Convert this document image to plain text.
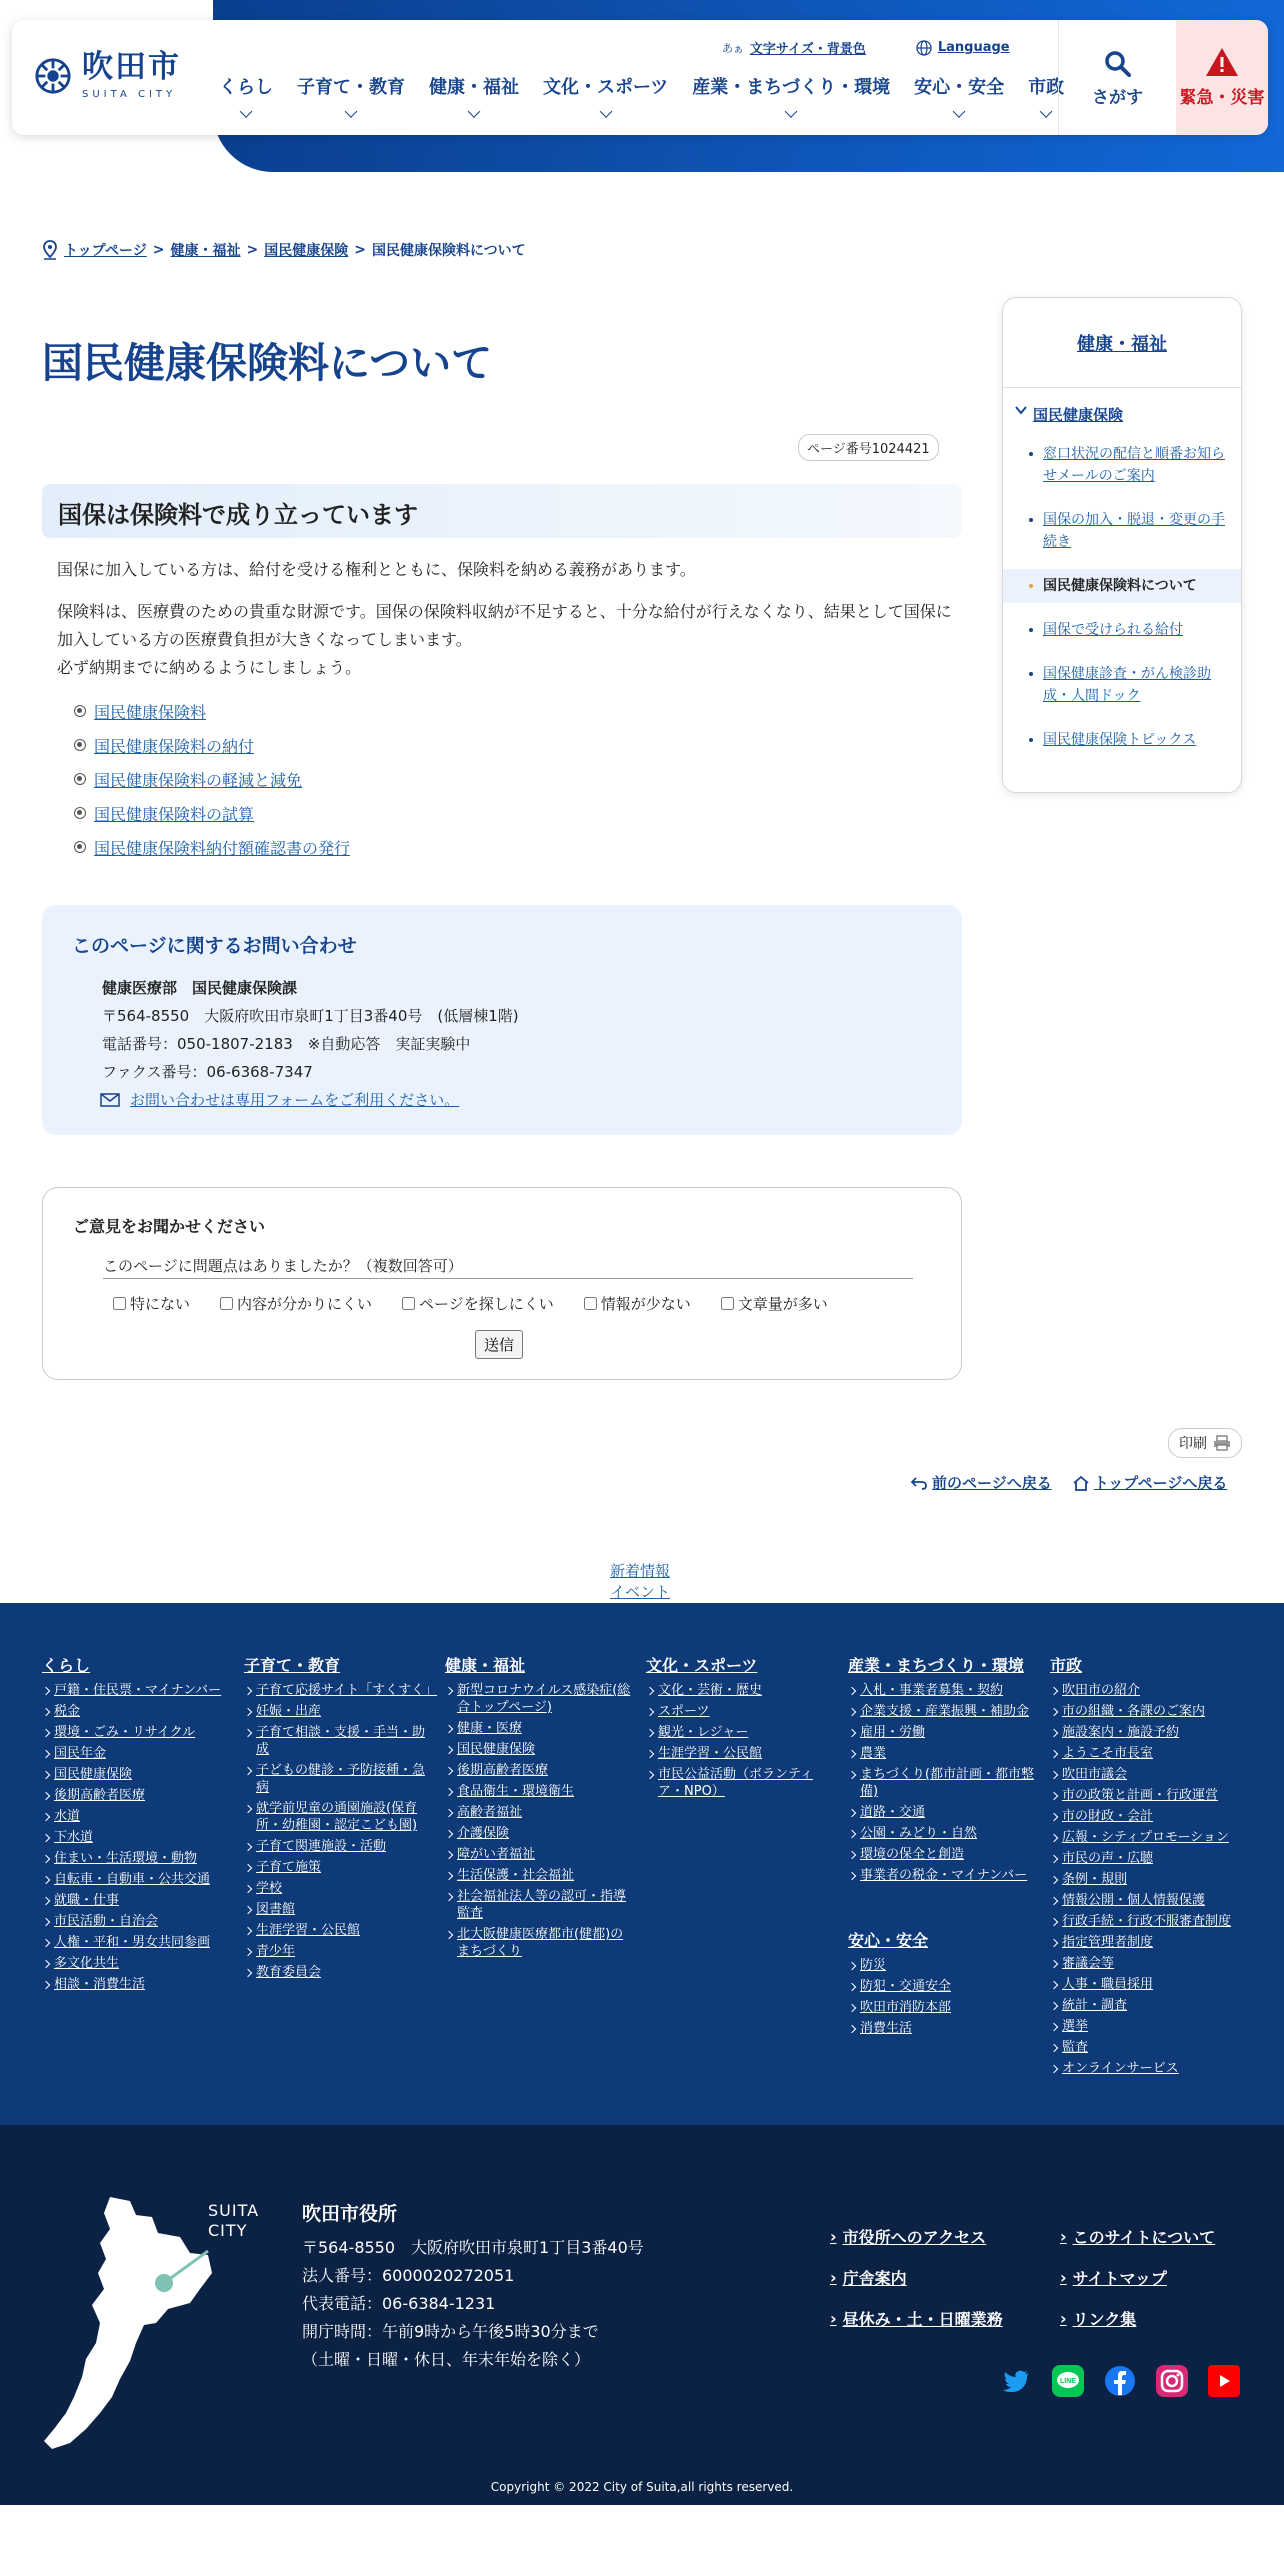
吹田市
SUITA CITY
あぁ 文字サイズ・背景色	Language
くらし	子育て・教育	健康・福祉	文化・スポーツ	産業・まちづくり・環境	安心・安全	市政	さがす	緊急・災害
トップページ > 健康・福祉 > 国民健康保険 > 国民健康保険料について
国民健康保険料について
ページ番号1024421
国保は保険料で成り立っています

国保に加入している方は、給付を受ける権利とともに、保険料を納める義務があります。

保険料は、医療費のための貴重な財源です。国保の保険料収納が不足すると、十分な給付が行えなくなり、結果として国保に加入している方の医療費負担が大きくなってしまいます。
必ず納期までに納めるようにしましょう。
国民健康保険料
国民健康保険料の納付
国民健康保険料の軽減と減免
国民健康保険料の試算
国民健康保険料納付額確認書の発行
このページに関するお問い合わせ
健康医療部　国民健康保険課
〒564-8550　大阪府吹田市泉町1丁目3番40号　(低層棟1階)
電話番号：050-1807-2183　※自動応答　実証実験中
ファクス番号：06-6368-7347
お問い合わせは専用フォームをご利用ください。
ご意見をお聞かせください
このページに問題点はありましたか？（複数回答可）
特にない	内容が分かりにくい	ページを探しにくい	情報が少ない	文章量が多い
送信
健康・福祉
国民健康保険
窓口状況の配信と順番お知らせメールのご案内
国保の加入・脱退・変更の手続き
国民健康保険料について
国保で受けられる給付
国保健康診査・がん検診助成・人間ドック
国民健康保険トピックス
印刷
前のページへ戻る	トップページへ戻る
新着情報
イベント
くらし
戸籍・住民票・マイナンバー
税金
環境・ごみ・リサイクル
国民年金
国民健康保険
後期高齢者医療
水道
下水道
住まい・生活環境・動物
自転車・自動車・公共交通
就職・仕事
市民活動・自治会
人権・平和・男女共同参画
多文化共生
相談・消費生活
子育て・教育
子育て応援サイト「すくすく」
妊娠・出産
子育て相談・支援・手当・助成
子どもの健診・予防接種・急病
就学前児童の通園施設(保育所・幼稚園・認定こども園)
子育て関連施設・活動
子育て施策
学校
図書館
生涯学習・公民館
青少年
教育委員会
健康・福祉
新型コロナウイルス感染症(総合トップページ)
健康・医療
国民健康保険
後期高齢者医療
食品衛生・環境衛生
高齢者福祉
介護保険
障がい者福祉
生活保護・社会福祉
社会福祉法人等の認可・指導監査
北大阪健康医療都市(健都)のまちづくり
文化・スポーツ
文化・芸術・歴史
スポーツ
観光・レジャー
生涯学習・公民館
市民公益活動（ボランティア・NPO）
産業・まちづくり・環境
入札・事業者募集・契約
企業支援・産業振興・補助金
雇用・労働
農業
まちづくり(都市計画・都市整備)
道路・交通
公園・みどり・自然
環境の保全と創造
事業者の税金・マイナンバー
安心・安全
防災
防犯・交通安全
吹田市消防本部
消費生活
市政
吹田市の紹介
市の組織・各課のご案内
施設案内・施設予約
ようこそ市長室
吹田市議会
市の政策と計画・行政運営
市の財政・会計
広報・シティプロモーション
市民の声・広聴
条例・規則
情報公開・個人情報保護
行政手続・行政不服審査制度
指定管理者制度
審議会等
人事・職員採用
統計・調査
選挙
監査
オンラインサービス
SUITA
CITY
OSAKA
吹田市役所
〒564-8550　大阪府吹田市泉町1丁目3番40号
法人番号：6000020272051
代表電話：06-6384-1231
開庁時間：午前9時から午後5時30分まで
（土曜・日曜・休日、年末年始を除く）
› 市役所へのアクセス	› このサイトについて
› 庁舎案内	› サイトマップ
› 昼休み・土・日曜業務	› リンク集
LINE
Copyright © 2022 City of Suita,all rights reserved.
